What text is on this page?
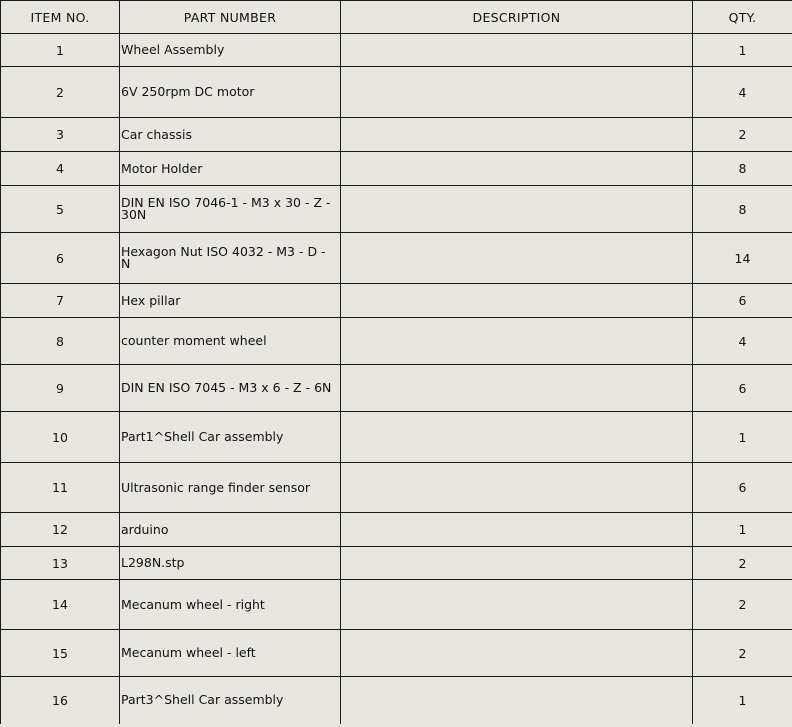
ITEM NO.	PART NUMBER	DESCRIPTION	QTY.
1	Wheel Assembly		1
2	6V 250rpm DC motor		4
3	Car chassis		2
4	Motor Holder		8
5	DIN EN ISO 7046-1 - M3 x 30 - Z - 30N		8
6	Hexagon Nut ISO 4032 - M3 - D - N		14
7	Hex pillar		6
8	counter moment wheel		4
9	DIN EN ISO 7045 - M3 x 6 - Z - 6N		6
10	Part1^Shell Car assembly		1
11	Ultrasonic range finder sensor		6
12	arduino		1
13	L298N.stp		2
14	Mecanum wheel - right		2
15	Mecanum wheel - left		2
16	Part3^Shell Car assembly		1
